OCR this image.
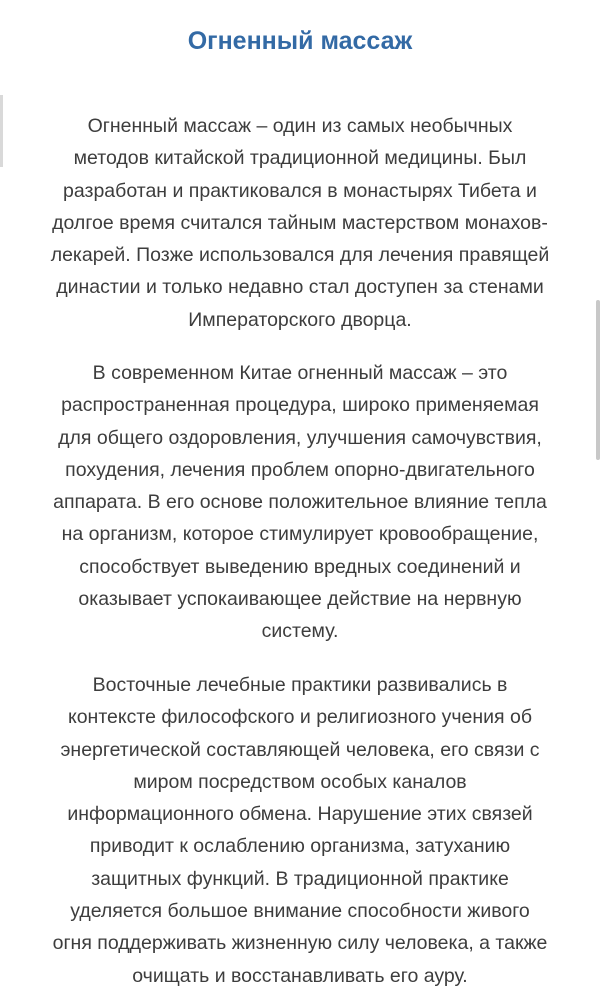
Огненный массаж

Огненный массаж – один из самых необычных
методов китайской традиционной медицины. Был
разработан и практиковался в монастырях Тибета и
долгое время считался тайным мастерством монахов-
лекарей. Позже использовался для лечения правящей
династии и только недавно стал доступен за стенами
Императорского дворца.

В современном Китае огненный массаж – это
распространенная процедура, широко применяемая
для общего оздоровления, улучшения самочувствия,
похудения, лечения проблем опорно-двигательного
аппарата. В его основе положительное влияние тепла
на организм, которое стимулирует кровообращение,
способствует выведению вредных соединений и
оказывает успокаивающее действие на нервную
систему.

Восточные лечебные практики развивались в
контексте философского и религиозного учения об
энергетической составляющей человека, его связи с
миром посредством особых каналов
информационного обмена. Нарушение этих связей
приводит к ослаблению организма, затуханию
защитных функций. В традиционной практике
уделяется большое внимание способности живого
огня поддерживать жизненную силу человека, а также
очищать и восстанавливать его ауру.
